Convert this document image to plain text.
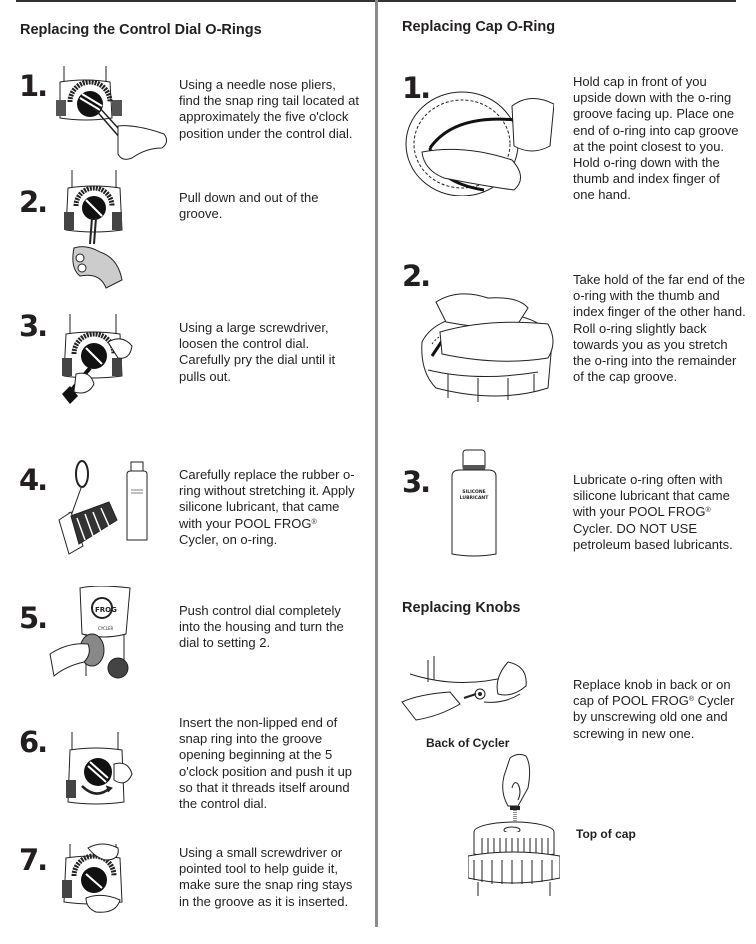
Replacing the Control Dial O-Rings
1.	Using a needle nose pliers, find the snap ring tail located at approximately the five o'clock position under the control dial.
2.	Pull down and out of the groove.
3.	Using a large screwdriver, loosen the control dial. Carefully pry the dial until it pulls out.
4.	Carefully replace the rubber o-ring without stretching it. Apply silicone lubricant, that came with your POOL FROG® Cycler, on o-ring.
5.	FROG
CYCLER
Push control dial completely into the housing and turn the dial to setting 2.
6.
Insert the non-lipped end of snap ring into the groove opening beginning at the 5 o'clock position and push it up so that it threads itself around the control dial.
7.	Using a small screwdriver or pointed tool to help guide it, make sure the snap ring stays in the groove as it is inserted.
Replacing Cap O-Ring
1.	Hold cap in front of you upside down with the o-ring groove facing up. Place one end of o-ring into cap groove at the point closest to you. Hold o-ring down with the thumb and index finger of one hand.
2.	Take hold of the far end of the o-ring with the thumb and index finger of the other hand. Roll o-ring slightly back towards you as you stretch the o-ring into the remainder of the cap groove.
3.	SILICONE
LUBRICANT
Lubricate o-ring often with silicone lubricant that came with your POOL FROG® Cycler. DO NOT USE petroleum based lubricants.
Replacing Knobs
Back of Cycler
Replace knob in back or on cap of POOL FROG® Cycler by unscrewing old one and screwing in new one.
Top of cap
